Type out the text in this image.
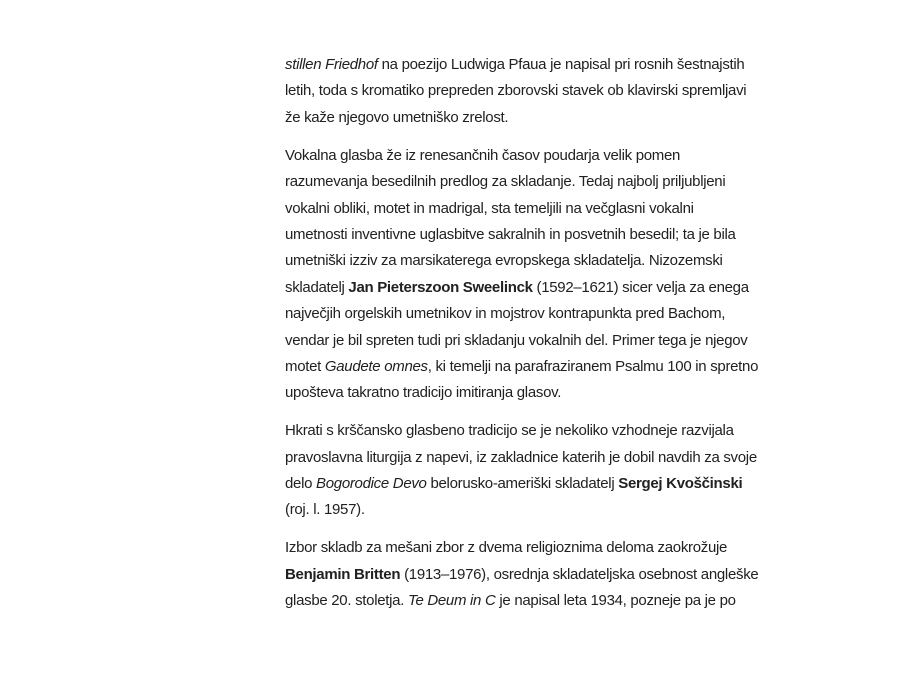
stillen Friedhof na poezijo Ludwiga Pfaua je napisal pri rosnih šestnajstih
letih, toda s kromatiko prepreden zborovski stavek ob klavirski spremljavi
že kaže njegovo umetniško zrelost.
Vokalna glasba že iz renesančnih časov poudarja velik pomen
razumevanja besedilnih predlog za skladanje. Tedaj najbolj priljubljeni
vokalni obliki, motet in madrigal, sta temeljili na večglasni vokalni
umetnosti inventivne uglasbitve sakralnih in posvetnih besedil; ta je bila
umetniški izziv za marsikaterega evropskega skladatelja. Nizozemski
skladatelj Jan Pieterszoon Sweelinck (1592–1621) sicer velja za enega
največjih orgelskih umetnikov in mojstrov kontrapunkta pred Bachom,
vendar je bil spreten tudi pri skladanju vokalnih del. Primer tega je njegov
motet Gaudete omnes, ki temelji na parafraziranem Psalmu 100 in spretno
upošteva takratno tradicijo imitiranja glasov.
Hkrati s krščansko glasbeno tradicijo se je nekoliko vzhodneje razvijala
pravoslavna liturgija z napevi, iz zakladnice katerih je dobil navdih za svoje
delo Bogorodice Devo belorusko-ameriški skladatelj Sergej Kvoščinski
(roj. l. 1957).
Izbor skladb za mešani zbor z dvema religioznima deloma zaokrožuje
Benjamin Britten (1913–1976), osrednja skladateljska osebnost angleške
glasbe 20. stoletja. Te Deum in C je napisal leta 1934, pozneje pa je po
